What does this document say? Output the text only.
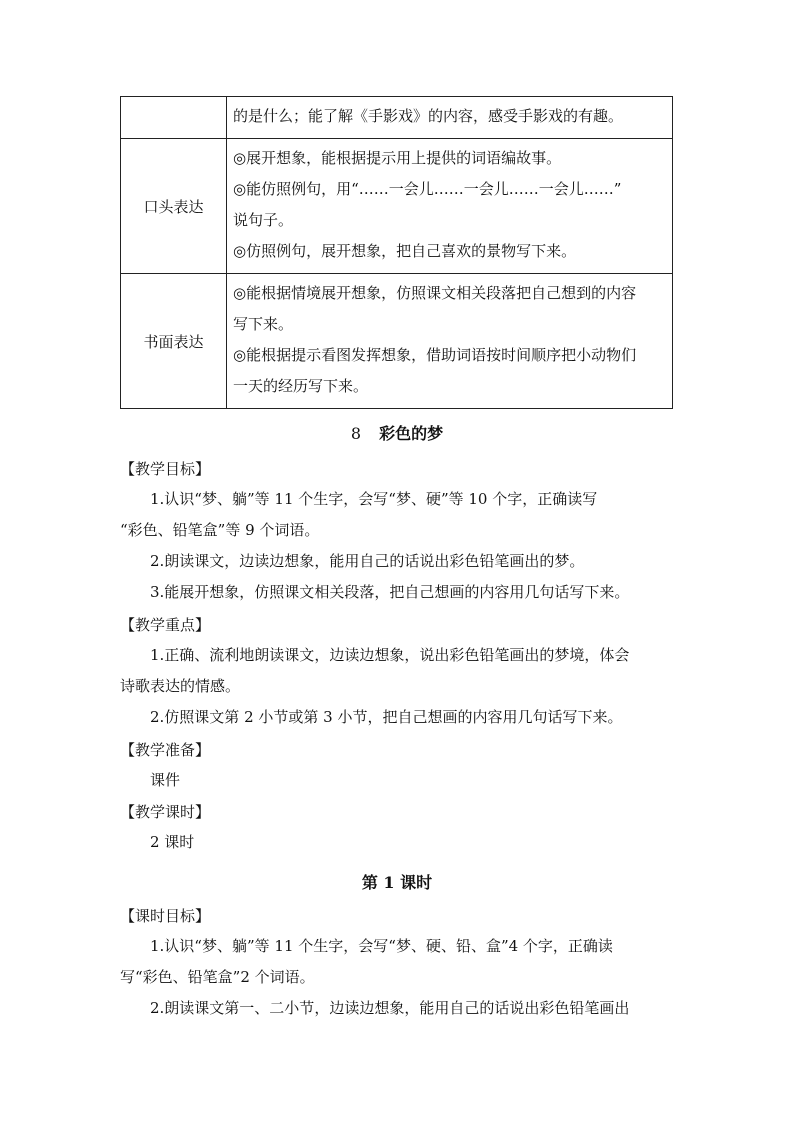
	的是什么；能了解《手影戏》的内容，感受手影戏的有趣。

口头表达	◎展开想象，能根据提示用上提供的词语编故事。
◎能仿照例句，用“……一会儿……一会儿……一会儿……”
说句子。
◎仿照例句，展开想象，把自己喜欢的景物写下来。

书面表达	◎能根据情境展开想象，仿照课文相关段落把自己想到的内容
写下来。
◎能根据提示看图发挥想象，借助词语按时间顺序把小动物们
一天的经历写下来。
8 彩色的梦
【教学目标】
1.认识“梦、躺”等 11 个生字，会写“梦、硬”等 10 个字，正确读写
“彩色、铅笔盒”等 9 个词语。
2.朗读课文，边读边想象，能用自己的话说出彩色铅笔画出的梦。
3.能展开想象，仿照课文相关段落，把自己想画的内容用几句话写下来。
【教学重点】
1.正确、流利地朗读课文，边读边想象，说出彩色铅笔画出的梦境，体会
诗歌表达的情感。
2.仿照课文第 2 小节或第 3 小节，把自己想画的内容用几句话写下来。
【教学准备】
课件
【教学课时】
2 课时
第 1 课时
【课时目标】
1.认识“梦、躺”等 11 个生字，会写“梦、硬、铅、盒”4 个字，正确读
写“彩色、铅笔盒”2 个词语。
2.朗读课文第一、二小节，边读边想象，能用自己的话说出彩色铅笔画出
